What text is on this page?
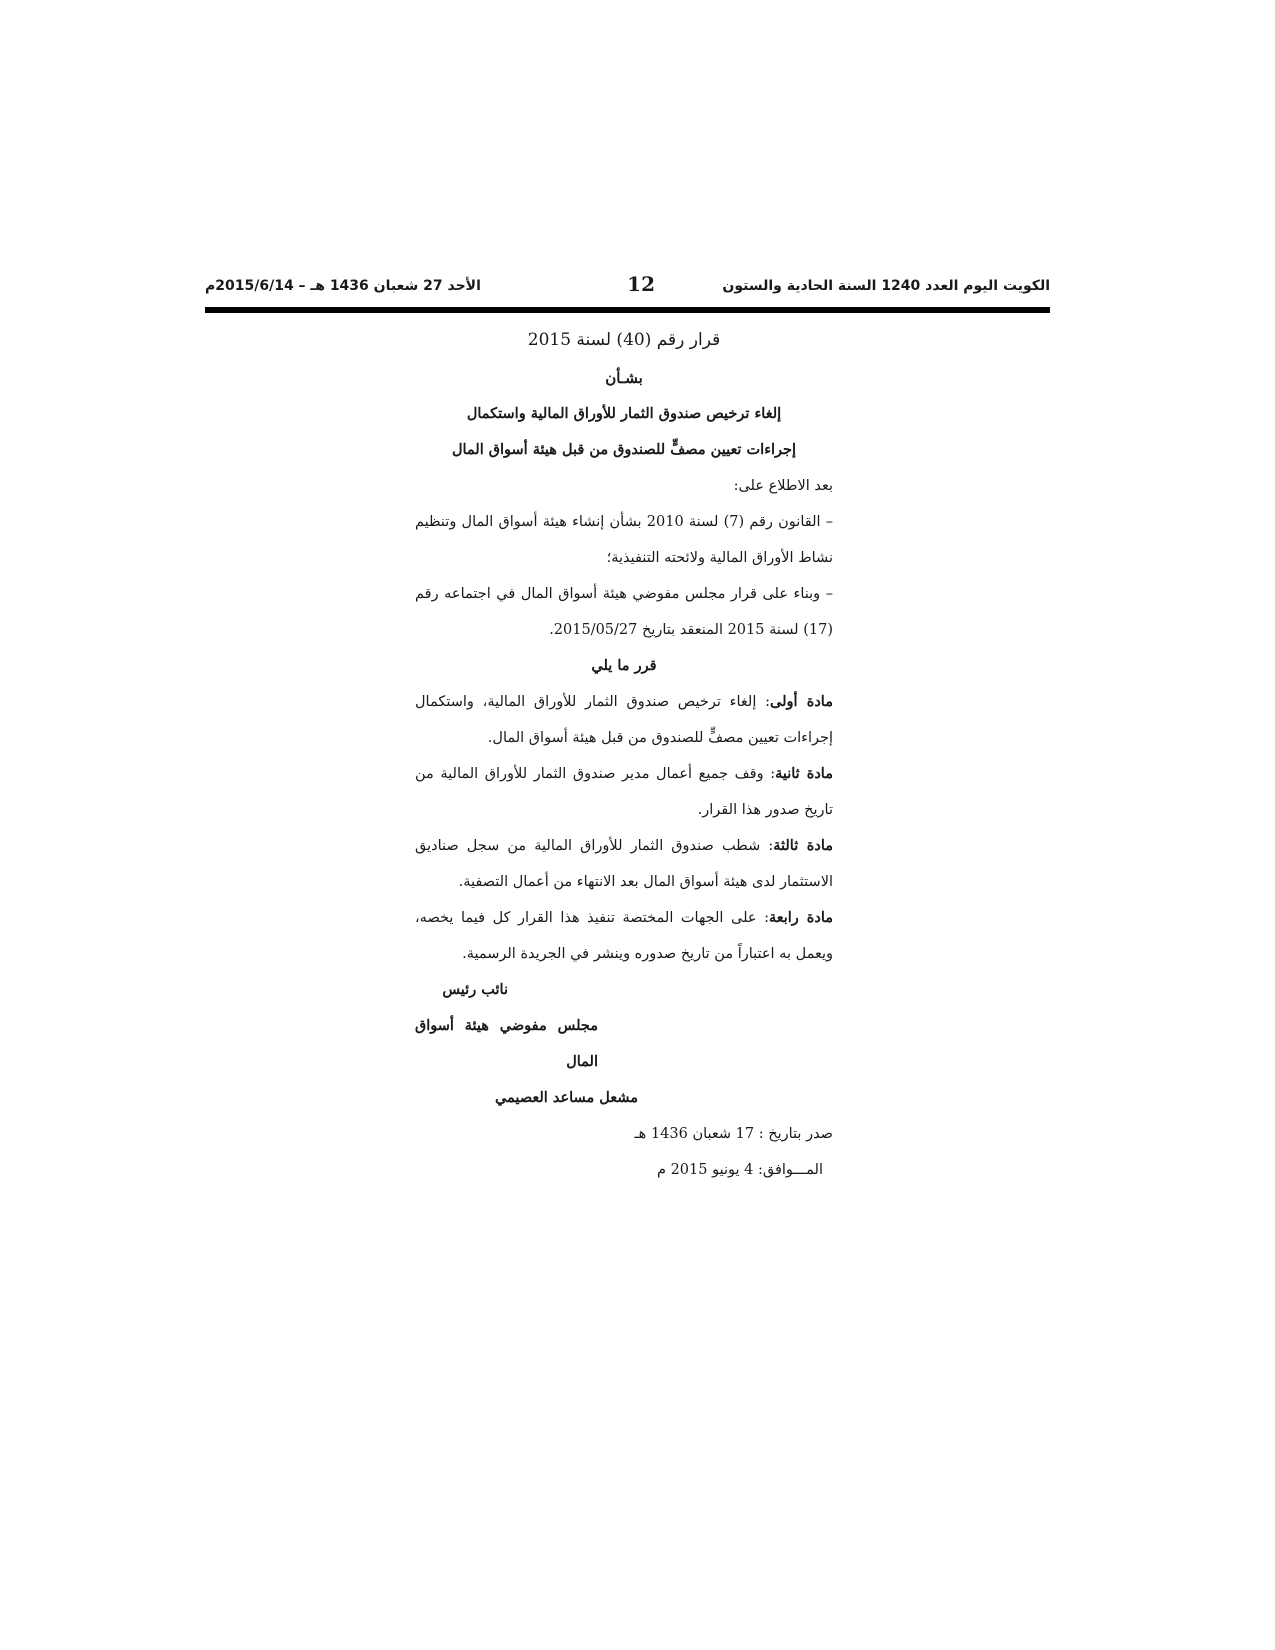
الكويت اليوم العدد 1240 السنة الحادية والستون
12
الأحد 27 شعبان 1436 هـ – 2015/6/14م

قرار رقم (40) لسنة 2015

بشـأن

إلغاء ترخيص صندوق الثمار للأوراق المالية واستكمال

إجراءات تعيين مصفٍّ للصندوق من قبل هيئة أسواق المال

بعد الاطلاع على:

– القانون رقم (7) لسنة 2010 بشأن إنشاء هيئة أسواق المال وتنظيم نشاط الأوراق المالية ولائحته التنفيذية؛

– وبناء على قرار مجلس مفوضي هيئة أسواق المال في اجتماعه رقم (17) لسنة 2015 المنعقد بتاريخ 2015/05/27.

قرر ما يلي

مادة أولى: إلغاء ترخيص صندوق الثمار للأوراق المالية، واستكمال إجراءات تعيين مصفٍّ للصندوق من قبل هيئة أسواق المال.

مادة ثانية: وقف جميع أعمال مدير صندوق الثمار للأوراق المالية من تاريخ صدور هذا القرار.

مادة ثالثة: شطب صندوق الثمار للأوراق المالية من سجل صناديق الاستثمار لدى هيئة أسواق المال بعد الانتهاء من أعمال التصفية.

مادة رابعة: على الجهات المختصة تنفيذ هذا القرار كل فيما يخصه، ويعمل به اعتباراً من تاريخ صدوره وينشر في الجريدة الرسمية.

نائب رئيس

مجلس مفوضي هيئة أسواق المال

مشعل مساعد العصيمي

صدر بتاريخ : 17 شعبان 1436 هـ

المـــوافق: 4 يونيو 2015 م
